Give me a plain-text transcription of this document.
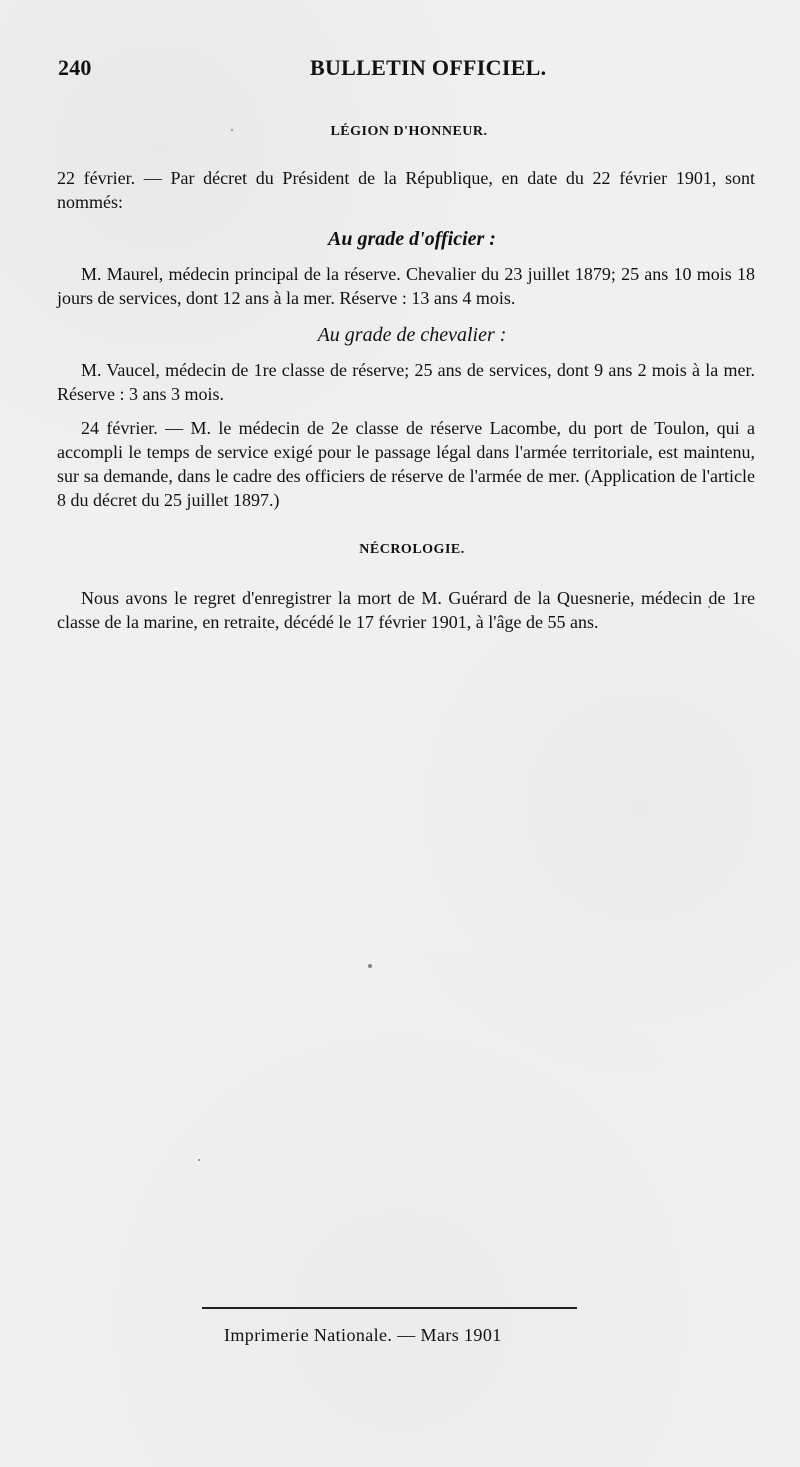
240	BULLETIN OFFICIEL.

LÉGION D'HONNEUR.

22 février. — Par décret du Président de la République, en date du 22 février 1901, sont nommés:

Au grade d'officier :

M. Maurel, médecin principal de la réserve. Chevalier du 23 juillet 1879; 25 ans 10 mois 18 jours de services, dont 12 ans à la mer. Réserve : 13 ans 4 mois.

Au grade de chevalier :

M. Vaucel, médecin de 1re classe de réserve; 25 ans de services, dont 9 ans 2 mois à la mer. Réserve : 3 ans 3 mois.

24 février. — M. le médecin de 2e classe de réserve Lacombe, du port de Toulon, qui a accompli le temps de service exigé pour le passage légal dans l'armée territoriale, est maintenu, sur sa demande, dans le cadre des officiers de réserve de l'armée de mer. (Application de l'article 8 du décret du 25 juillet 1897.)

NÉCROLOGIE.

Nous avons le regret d'enregistrer la mort de M. Guérard de la Quesnerie, médecin de 1re classe de la marine, en retraite, décédé le 17 février 1901, à l'âge de 55 ans.

Imprimerie Nationale. — Mars 1901
